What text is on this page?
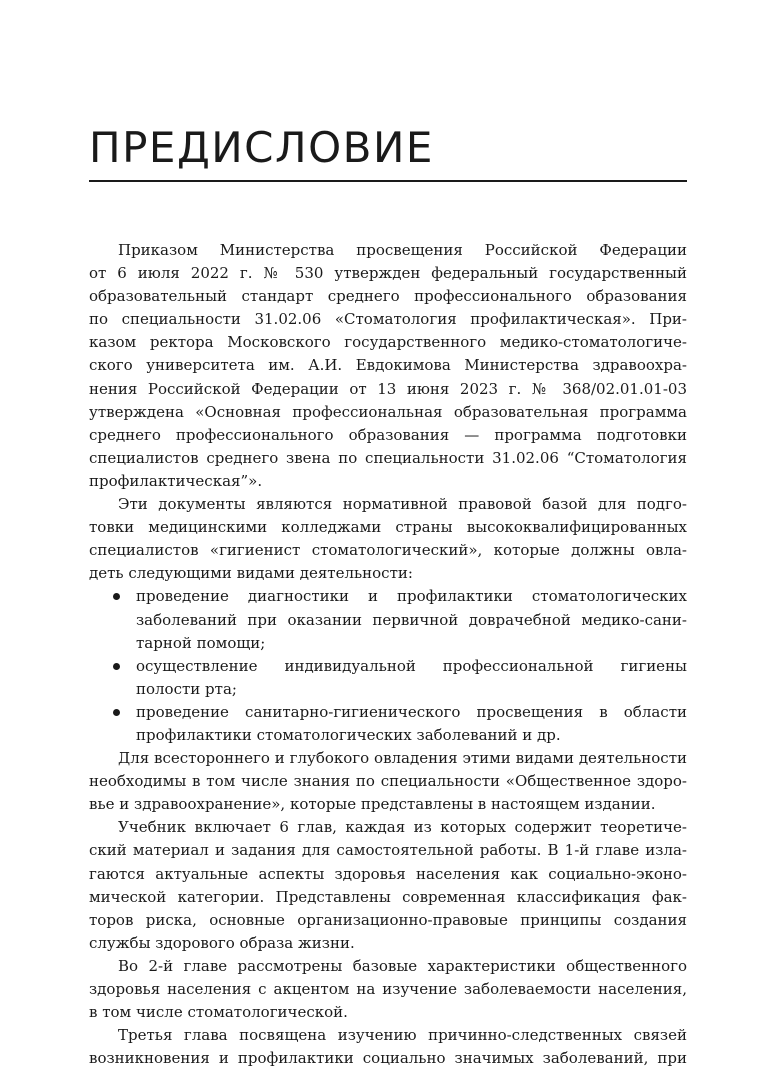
ПРЕДИСЛОВИЕ
Приказом Министерства просвещения Российской Федерации
от 6 июля 2022 г. № 530 утвержден федеральный государственный
образовательный стандарт среднего профессионального образования
по специальности 31.02.06 «Стоматология профилактическая». При-
казом ректора Московского государственного медико-стоматологиче-
ского университета им. А.И. Евдокимова Министерства здравоохра-
нения Российской Федерации от 13 июня 2023 г. № 368/02.01.01-03
утверждена «Основная профессиональная образовательная программа
среднего профессионального образования — программа подготовки
специалистов среднего звена по специальности 31.02.06 “Стоматология
профилактическая”».
Эти документы являются нормативной правовой базой для подго-
товки медицинскими колледжами страны высококвалифицированных
специалистов «гигиенист стоматологический», которые должны овла-
деть следующими видами деятельности:
проведение диагностики и профилактики стоматологических
заболеваний при оказании первичной доврачебной медико-сани-
тарной помощи;
осуществление индивидуальной профессиональной гигиены
полости рта;
проведение санитарно-гигиенического просвещения в области
профилактики стоматологических заболеваний и др.
Для всестороннего и глубокого овладения этими видами деятельности
необходимы в том числе знания по специальности «Общественное здоро-
вье и здравоохранение», которые представлены в настоящем издании.
Учебник включает 6 глав, каждая из которых содержит теоретиче-
ский материал и задания для самостоятельной работы. В 1-й главе изла-
гаются актуальные аспекты здоровья населения как социально-эконо-
мической категории. Представлены современная классификация фак-
торов риска, основные организационно-правовые принципы создания
службы здорового образа жизни.
Во 2-й главе рассмотрены базовые характеристики общественного
здоровья населения с акцентом на изучение заболеваемости населения,
в том числе стоматологической.
Третья глава посвящена изучению причинно-следственных связей
возникновения и профилактики социально значимых заболеваний, при
